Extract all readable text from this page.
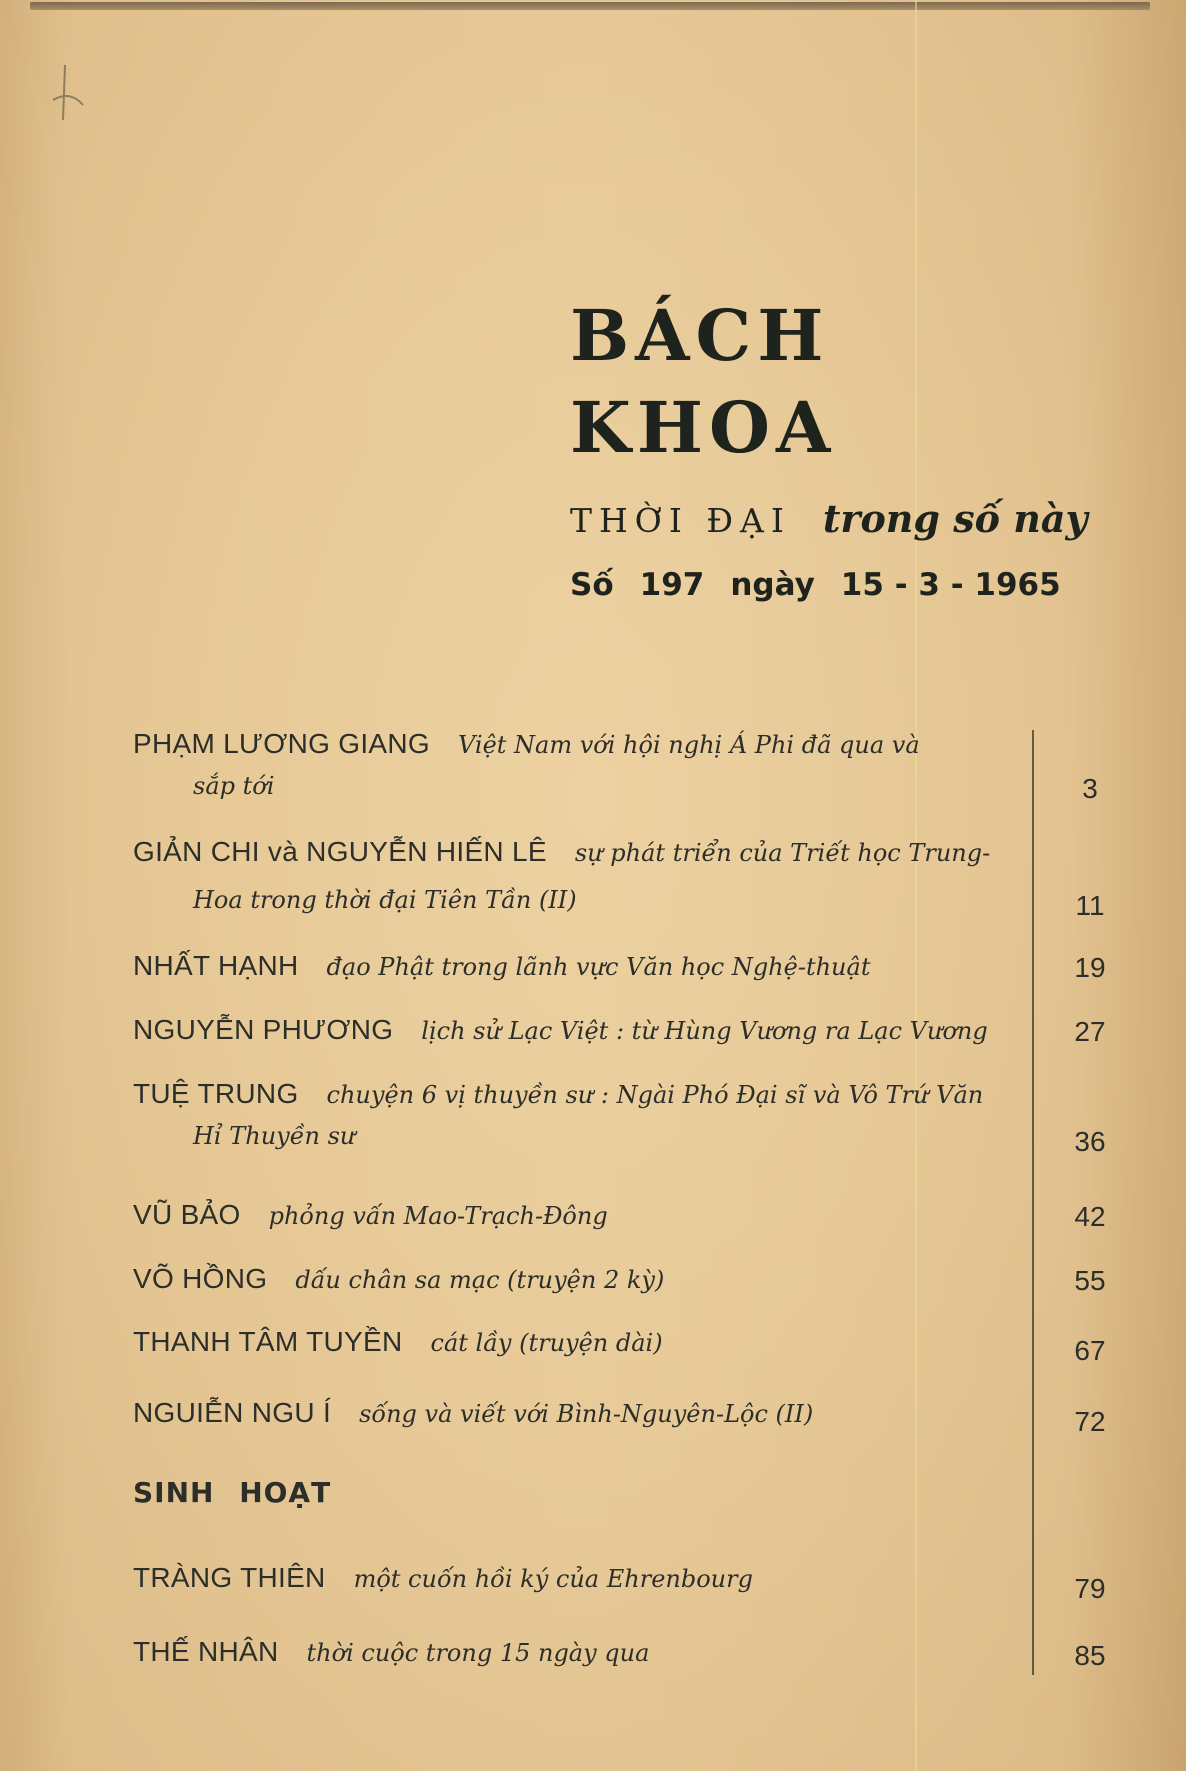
BÁCH
KHOA
THỜI ĐẠI trong số này
Số 197 ngày 15 - 3 - 1965
PHẠM LƯƠNG GIANG Việt Nam với hội nghị Á Phi đã qua và
sắp tới	3
GIẢN CHI và NGUYỄN HIẾN LÊ sự phát triển của Triết học Trung-
Hoa trong thời đại Tiên Tần (II)	11
NHẤT HẠNH đạo Phật trong lãnh vực Văn học Nghệ-thuật	19
NGUYỄN PHƯƠNG lịch sử Lạc Việt : từ Hùng Vương ra Lạc Vương	27
TUỆ TRUNG chuyện 6 vị thuyền sư : Ngài Phó Đại sĩ và Vô Trứ Văn
Hỉ Thuyền sư	36
VŨ BẢO phỏng vấn Mao-Trạch-Đông	42
VÕ HỒNG dấu chân sa mạc (truyện 2 kỳ)	55
THANH TÂM TUYỀN cát lầy (truyện dài)	67
NGUIỄN NGU Í sống và viết với Bình-Nguyên-Lộc (II)	72
SINH HOẠT
TRÀNG THIÊN một cuốn hồi ký của Ehrenbourg	79
THẾ NHÂN thời cuộc trong 15 ngày qua	85
